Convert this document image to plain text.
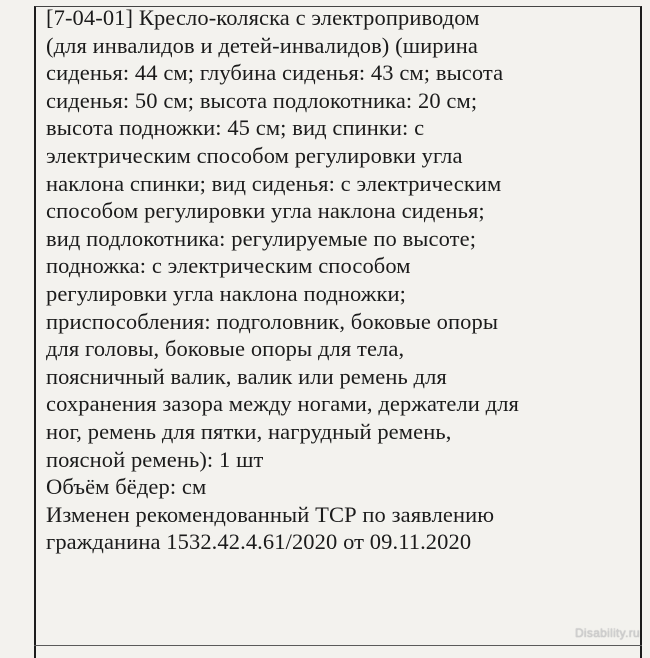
[7-04-01] Кресло-коляска с электроприводом
(для инвалидов и детей-инвалидов) (ширина
сиденья: 44 см; глубина сиденья: 43 см; высота
сиденья: 50 см; высота подлокотника: 20 см;
высота подножки: 45 см; вид спинки: с
электрическим способом регулировки угла
наклона спинки; вид сиденья: с электрическим
способом регулировки угла наклона сиденья;
вид подлокотника: регулируемые по высоте;
подножка: с электрическим способом
регулировки угла наклона подножки;
приспособления: подголовник, боковые опоры
для головы, боковые опоры для тела,
поясничный валик, валик или ремень для
сохранения зазора между ногами, держатели для
ног, ремень для пятки, нагрудный ремень,
поясной ремень): 1 шт
Объём бёдер: см
Изменен рекомендованный ТСР по заявлению
гражданина 1532.42.4.61/2020 от 09.11.2020
Disability.ru
